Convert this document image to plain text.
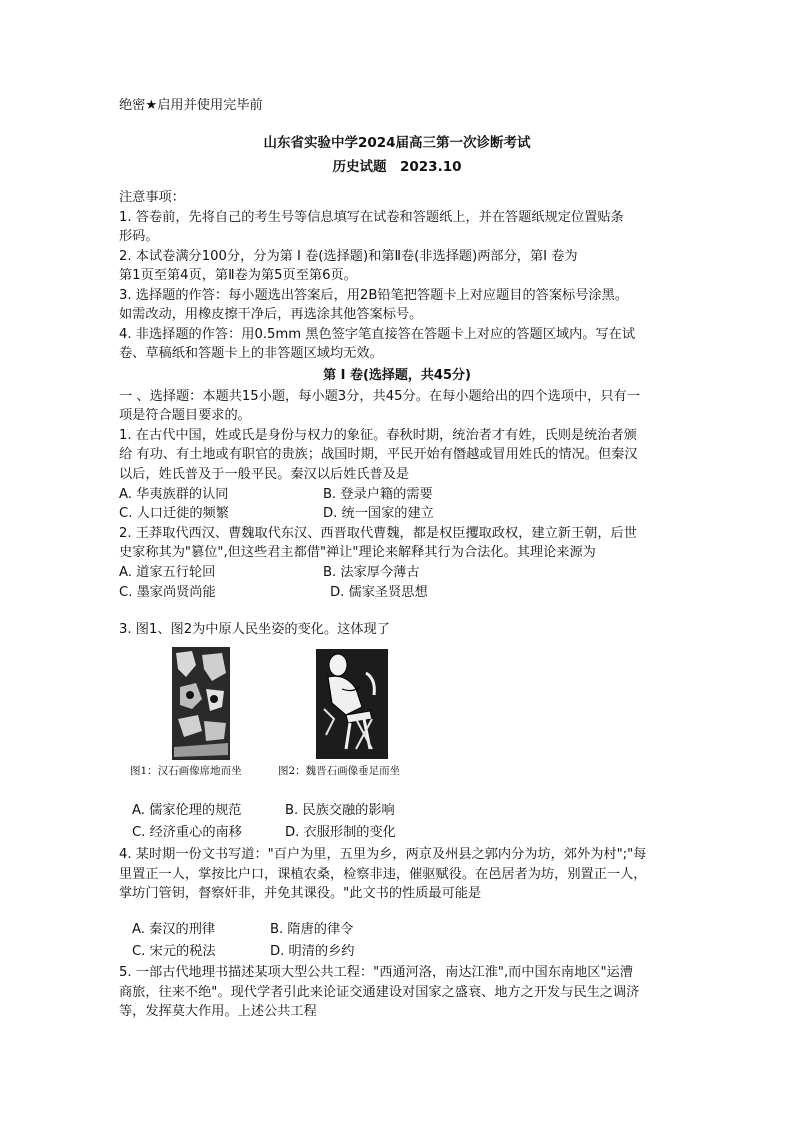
绝密★启用并使用完毕前
山东省实验中学2024届高三第一次诊断考试
历史试题　2023.10
注意事项：
1. 答卷前，先将自己的考生号等信息填写在试卷和答题纸上，并在答题纸规定位置贴条
形码。
2. 本试卷满分100分，分为第 Ⅰ 卷(选择题)和第Ⅱ卷(非选择题)两部分，第Ⅰ 卷为
第1页至第4页，第Ⅱ卷为第5页至第6页。
3. 选择题的作答：每小题选出答案后，用2B铅笔把答题卡上对应题目的答案标号涂黑。
如需改动，用橡皮擦干净后，再选涂其他答案标号。
4. 非选择题的作答：用0.5mm 黑色签字笔直接答在答题卡上对应的答题区域内。写在试
卷、草稿纸和答题卡上的非答题区域均无效。
第 Ⅰ 卷(选择题，共45分)
一 、选择题：本题共15小题，每小题3分，共45分。在每小题给出的四个选项中，只有一
项是符合题目要求的。
1. 在古代中国，姓或氏是身份与权力的象征。春秋时期，统治者才有姓，氏则是统治者颁
给 有功、有土地或有职官的贵族；战国时期，平民开始有僭越或冒用姓氏的情况。但秦汉
以后，姓氏普及于一般平民。秦汉以后姓氏普及是
A. 华夷族群的认同	B. 登录户籍的需要
C. 人口迁徙的频繁	D. 统一国家的建立
2. 王莽取代西汉、曹魏取代东汉、西晋取代曹魏，都是权臣攫取政权，建立新王朝，后世
史家称其为"篡位",但这些君主都借"禅让"理论来解释其行为合法化。其理论来源为
A. 道家五行轮回	B. 法家厚今薄古
C. 墨家尚贤尚能	D. 儒家圣贤思想
3. 图1、图2为中原人民坐姿的变化。这体现了
图1：汉石画像席地而坐	图2：魏晋石画像垂足而坐
A. 儒家伦理的规范	B. 民族交融的影响
C. 经济重心的南移	D. 衣服形制的变化
4. 某时期一份文书写道："百户为里，五里为乡，两京及州县之郭内分为坊，郊外为村";"每
里置正一人，掌按比户口，课植农桑，检察非违，催驱赋役。在邑居者为坊，别置正一人，
掌坊门管钥，督察奸非，并免其课役。"此文书的性质最可能是
A. 秦汉的刑律	B. 隋唐的律令
C. 宋元的税法	D. 明清的乡约
5. 一部古代地理书描述某项大型公共工程："西通河洛，南达江淮",而中国东南地区"运漕
商旅，往来不绝"。现代学者引此来论证交通建设对国家之盛衰、地方之开发与民生之调济
等，发挥莫大作用。上述公共工程
